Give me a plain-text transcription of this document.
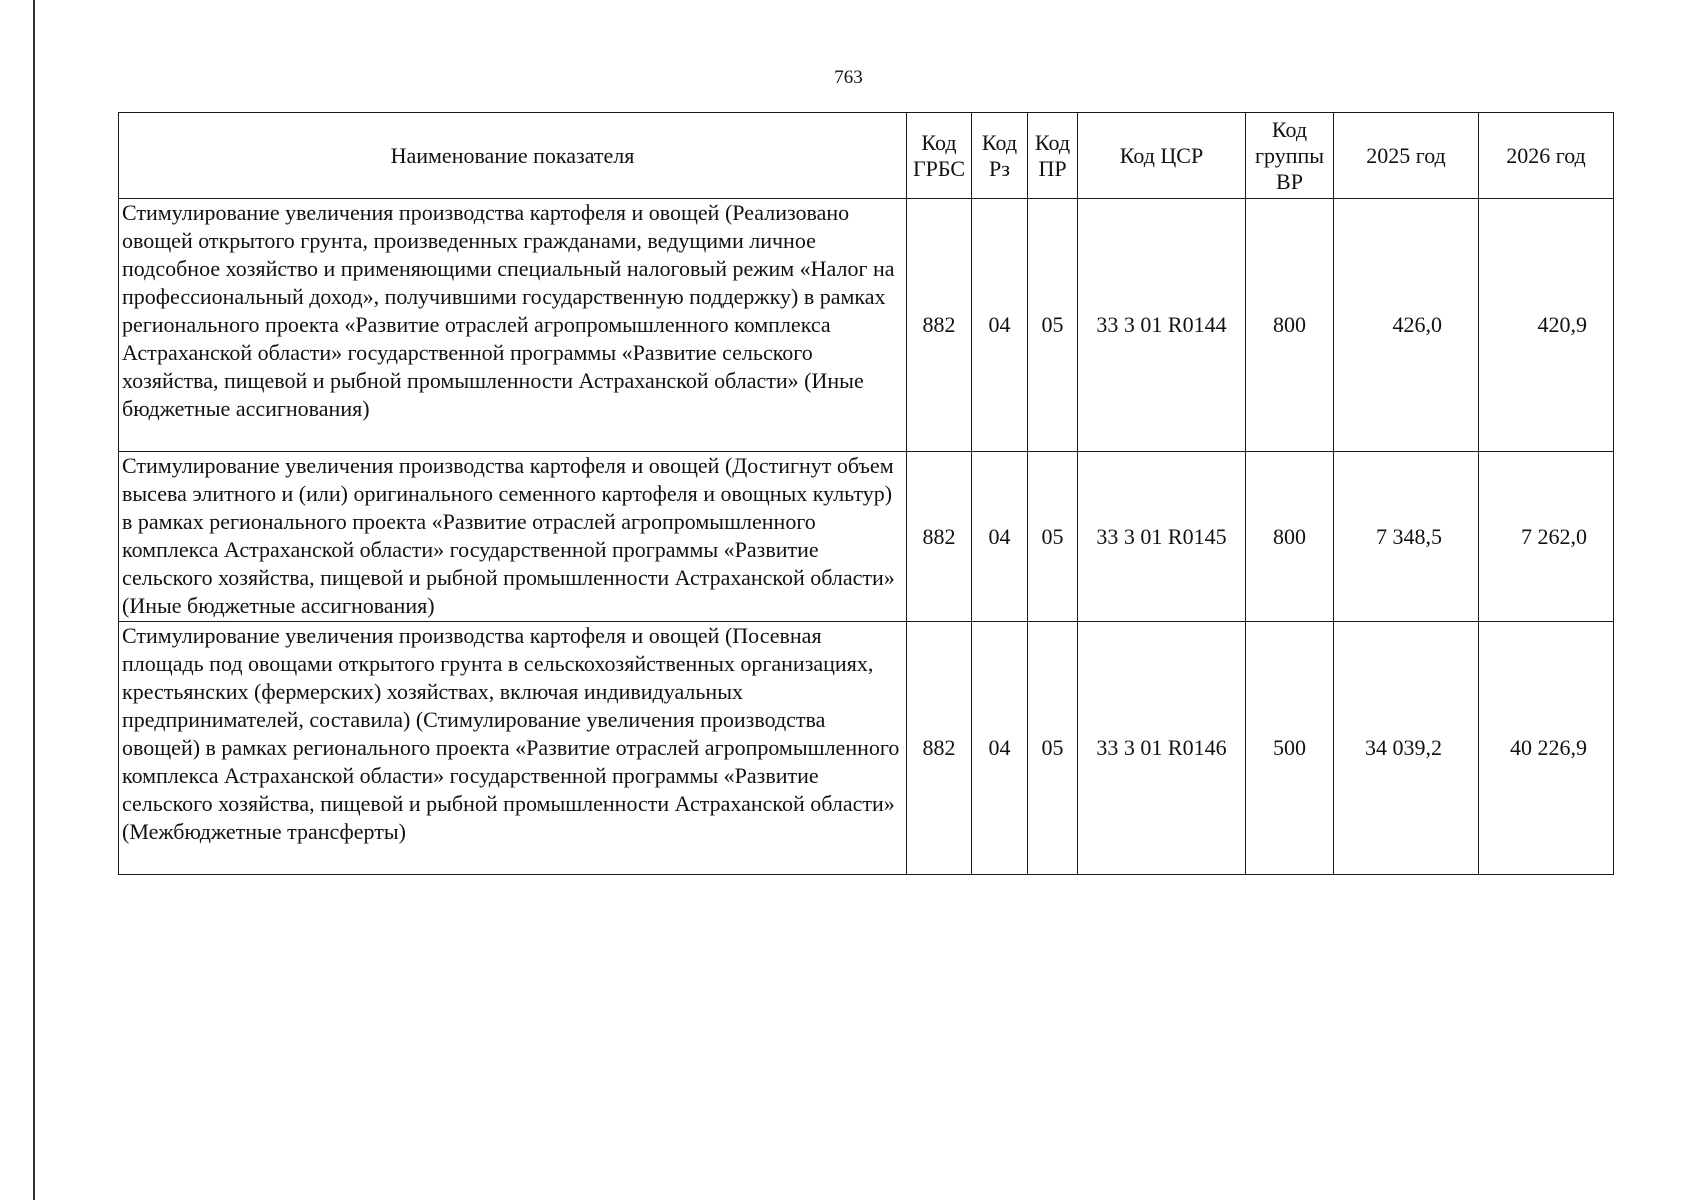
763
Наименование показателя	Код ГРБС	Код Рз	Код ПР	Код ЦСР	Код группы ВР	2025 год	2026 год
Стимулирование увеличения производства картофеля и овощей (Реализовано овощей открытого грунта, произведенных гражданами, ведущими личное подсобное хозяйство и применяющими специальный налоговый режим «Налог на профессиональный доход», получившими государственную поддержку) в рамках регионального проекта «Развитие отраслей агропромышленного комплекса Астраханской области» государственной программы «Развитие сельского хозяйства, пищевой и рыбной промышленности Астраханской области» (Иные бюджетные ассигнования)	882	04	05	33 3 01 R0144	800	426,0	420,9
Стимулирование увеличения производства картофеля и овощей (Достигнут объем высева элитного и (или) оригинального семенного картофеля и овощных культур) в рамках регионального проекта «Развитие отраслей агропромышленного комплекса Астраханской области» государственной программы «Развитие сельского хозяйства, пищевой и рыбной промышленности Астраханской области» (Иные бюджетные ассигнования)	882	04	05	33 3 01 R0145	800	7 348,5	7 262,0
Стимулирование увеличения производства картофеля и овощей (Посевная площадь под овощами открытого грунта в сельскохозяйственных организациях, крестьянских (фермерских) хозяйствах, включая индивидуальных предпринимателей, составила) (Стимулирование увеличения производства овощей) в рамках регионального проекта «Развитие отраслей агропромышленного комплекса Астраханской области» государственной программы «Развитие сельского хозяйства, пищевой и рыбной промышленности Астраханской области» (Межбюджетные трансферты)	882	04	05	33 3 01 R0146	500	34 039,2	40 226,9
